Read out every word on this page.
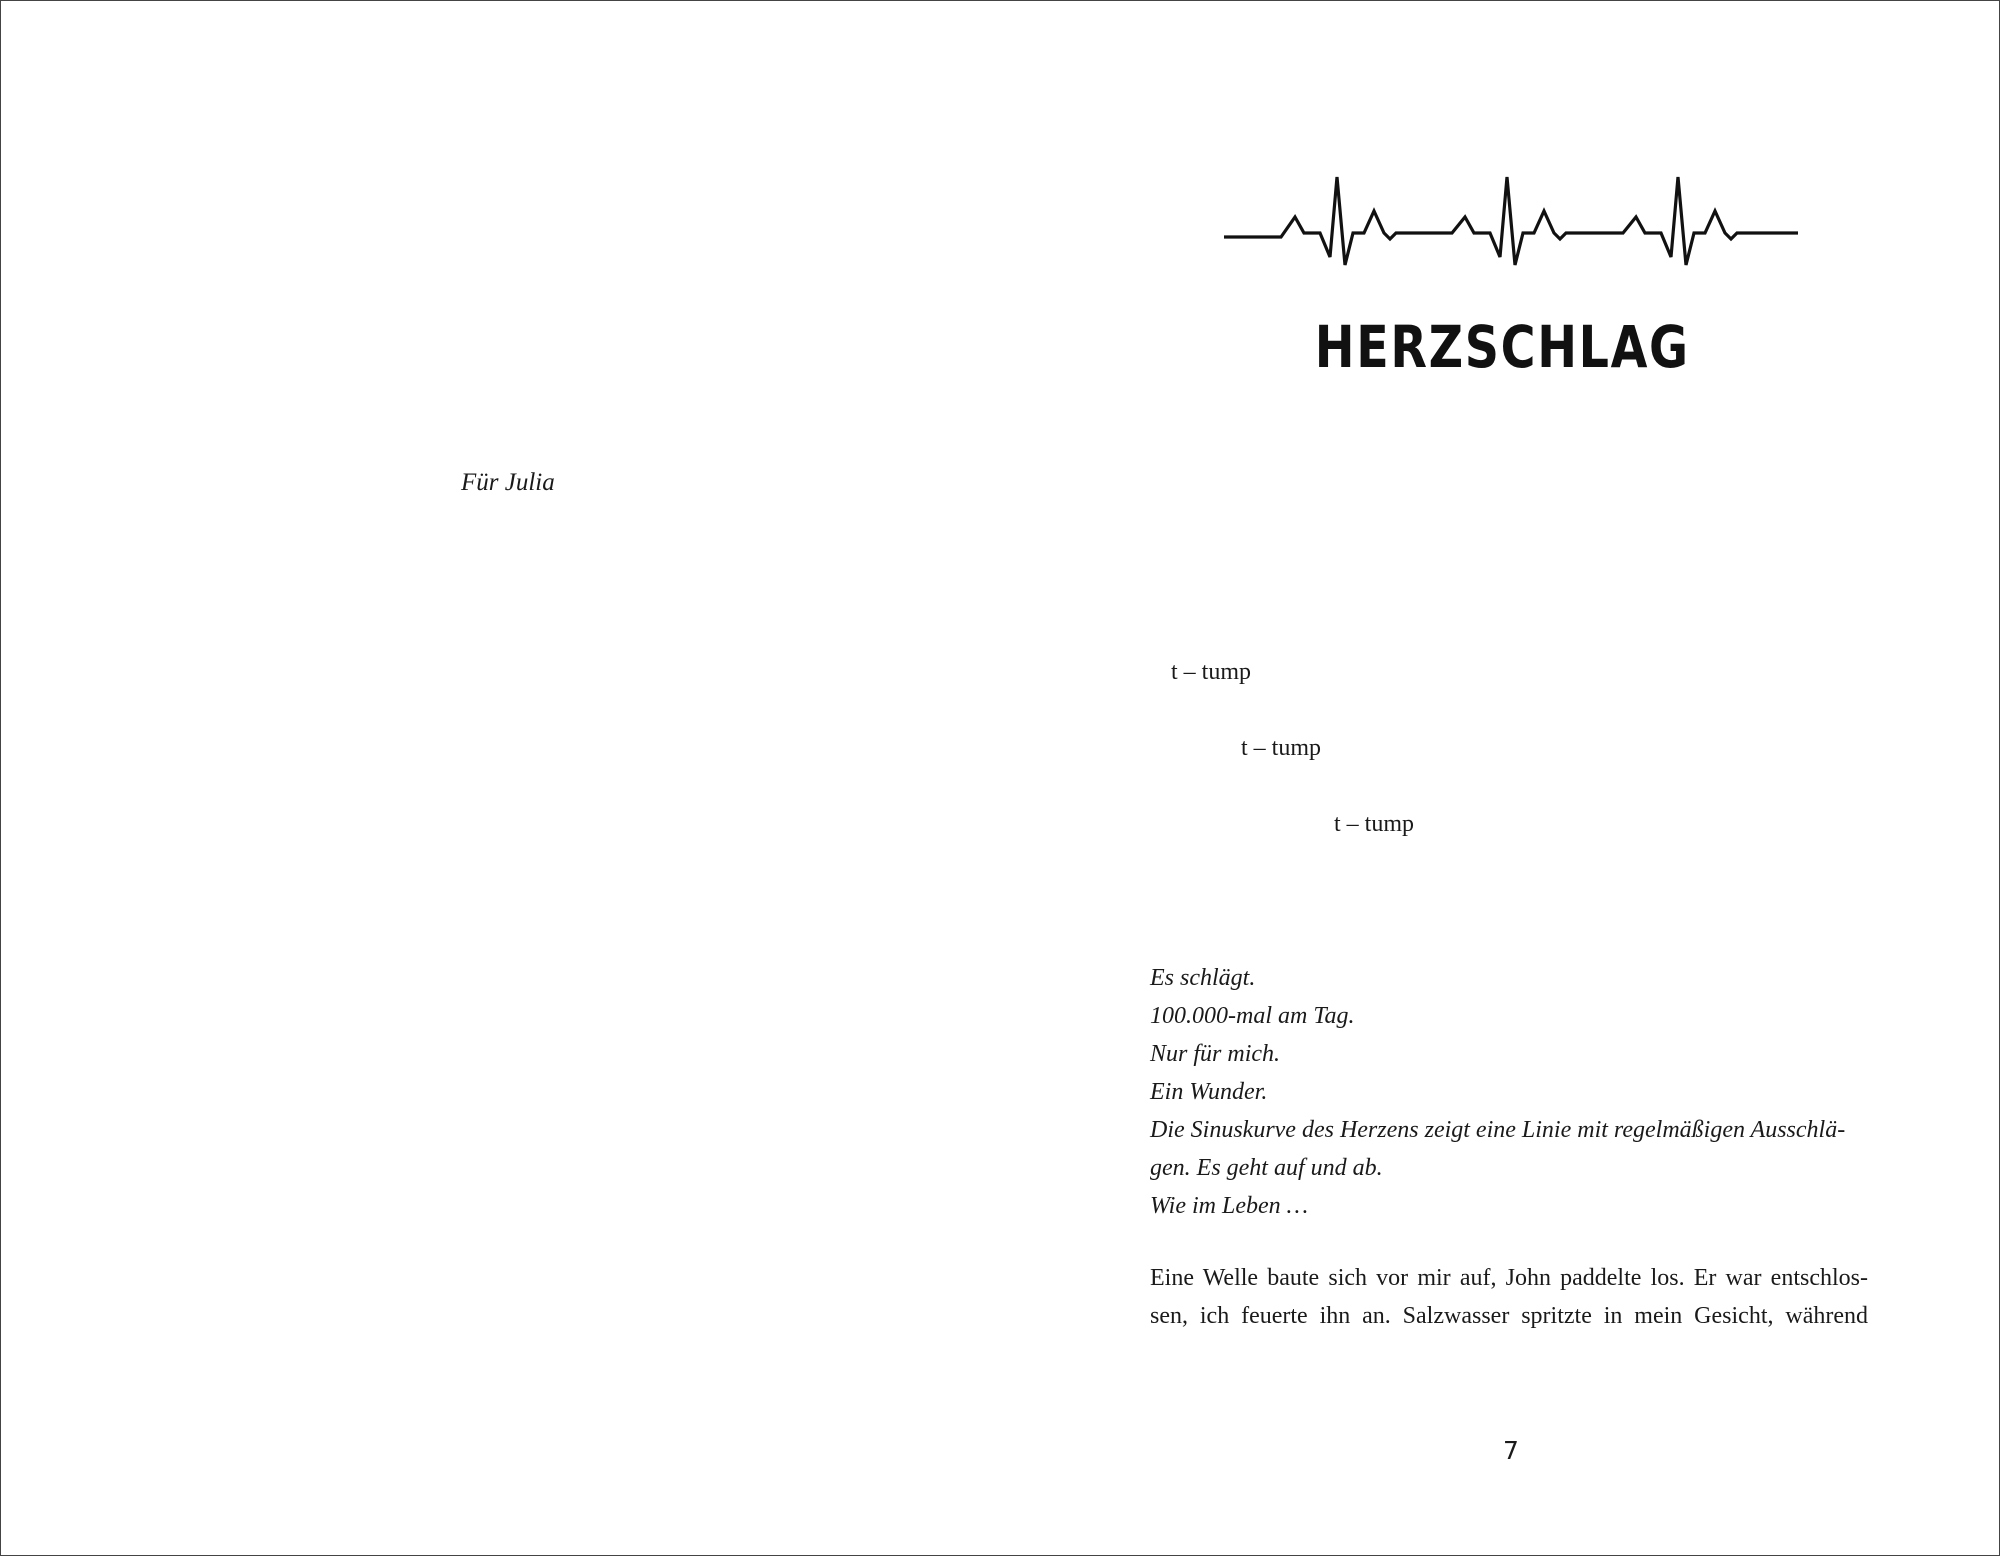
Für Julia
HERZSCHLAG
t – tump
t – tump
t – tump
Es schlägt.
100.000-mal am Tag.
Nur für mich.
Ein Wunder.
Die Sinuskurve des Herzens zeigt eine Linie mit regelmäßigen Ausschlä-
gen. Es geht auf und ab.
Wie im Leben …
Eine Welle baute sich vor mir auf, John paddelte los. Er war entschlos-
sen, ich feuerte ihn an. Salzwasser spritzte in mein Gesicht, während
7
